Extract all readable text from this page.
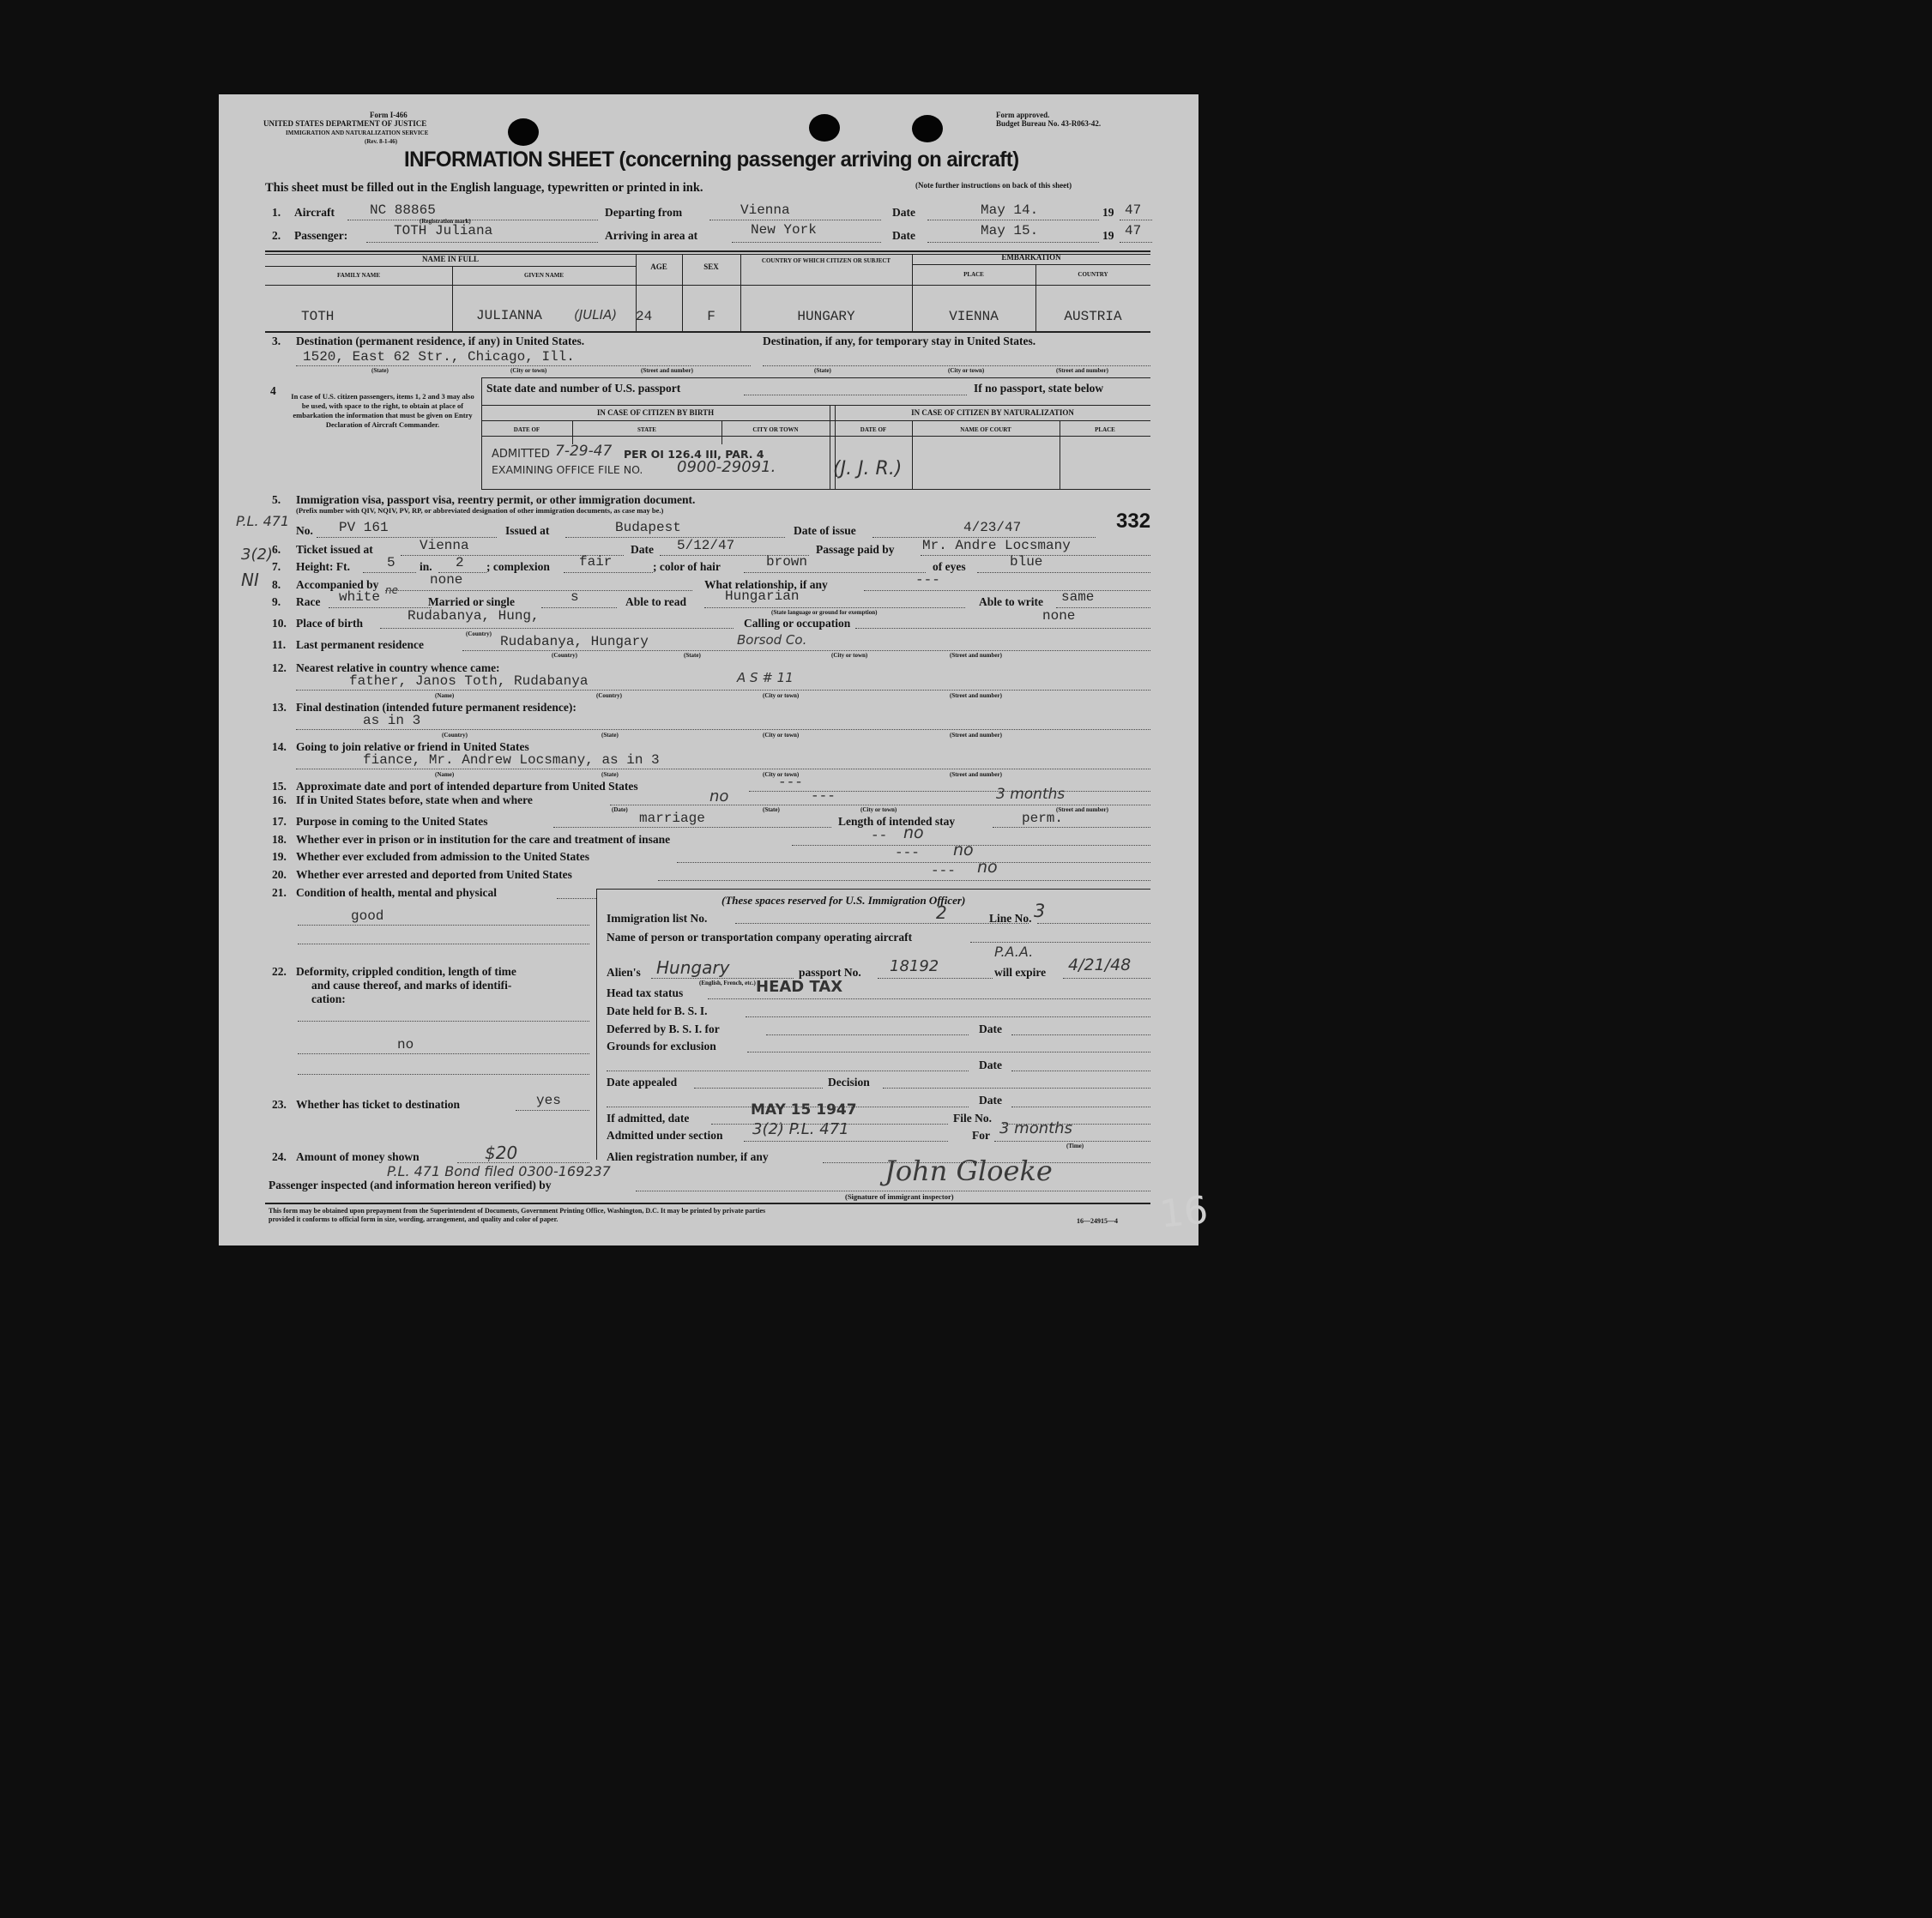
Form I-466
UNITED STATES DEPARTMENT OF JUSTICE
IMMIGRATION AND NATURALIZATION SERVICE
(Rev. 8-1-46)
Form approved.
Budget Bureau No. 43-R063-42.
INFORMATION SHEET (concerning passenger arriving on aircraft)
This sheet must be filled out in the English language, typewritten or printed in ink.	(Note further instructions on back of this sheet)
1. Aircraft	NC 88865
(Registration mark)
Departing from	Vienna	Date	May 14.	19 47
2. Passenger:	TOTH Juliana	Arriving in area at	New York	Date	May 15.	19 47
NAME IN FULL
FAMILY NAME	GIVEN NAME
AGE	SEX
COUNTRY OF WHICH CITIZEN OR SUBJECT	EMBARKATION
PLACE	COUNTRY
TOTH	JULIANNA (JULIA) 24	F	HUNGARY	VIENNA	AUSTRIA
3. Destination (permanent residence, if any) in United States.	Destination, if any, for temporary stay in United States.
1520, East 62 Str., Chicago, Ill.
(State)	(City or town)	(Street and number)	(State)	(City or town)	(Street and number)
4 In case of U.S. citizen passengers, items 1, 2 and 3 may also be used, with space to the right, to obtain at place of embarkation the information that must be given on Entry Declaration of Aircraft Commander.
State date and number of U.S. passport	If no passport, state below
IN CASE OF CITIZEN BY BIRTH	IN CASE OF CITIZEN BY NATURALIZATION
DATE OF	STATE	CITY OR TOWN	DATE OF	NAME OF COURT	PLACE
ADMITTED 7-29-47 PER OI 126.4 III, PAR. 4
EXAMINING OFFICE FILE NO. 0900-29091.	(J. J. R.)
P.L. 471
3(2)
NI
332
5. Immigration visa, passport visa, reentry permit, or other immigration document.
(Prefix number with QIV, NQIV, PV, RP, or abbreviated designation of other immigration documents, as case may be.)
No. PV 161	Issued at	Budapest	Date of issue	4/23/47
6. Ticket issued at	Vienna	Date 5/12/47	Passage paid by Mr. Andre Locsmany
7. Height: Ft.	5 in. 2 ; complexion fair	; color of hair	brown	of eyes	blue
8. Accompanied by	none	What relationship, if any	---
9. Race white ne
Married or single	s	Able to read	Hungarian
(State language or ground for exemption)
Able to write same
10. Place of birth	Rudabanya, Hung,
(Country)
Calling or occupation	none
11. Last permanent residence	Rudabanya, Hungary	Borsod Co.
(Country)	(State)	(City or town)	(Street and number)
12. Nearest relative in country whence came:
father, Janos Toth, Rudabanya	A S # 11
(Name)	(Country)	(City or town)	(Street and number)
13. Final destination (intended future permanent residence):
as in 3
(Country)	(State)	(City or town)	(Street and number)
14. Going to join relative or friend in United States
fiance, Mr. Andrew Locsmany, as in 3
(Name)	(State)	(City or town)	(Street and number)
15. Approximate date and port of intended departure from United States	---
16. If in United States before, state when and where	no	---	3 months
(Date)	(State)	(City or town)	(Street and number)
17. Purpose in coming to the United States	marriage	Length of intended stay	perm.
18. Whether ever in prison or in institution for the care and treatment of insane	-- no
19. Whether ever excluded from admission to the United States	--- no
20. Whether ever arrested and deported from United States	--- no
21. Condition of health, mental and physical
good
22. Deformity, crippled condition, length of time
and cause thereof, and marks of identifi-
cation:
no
23. Whether has ticket to destination	yes
24. Amount of money shown	$20
(These spaces reserved for U.S. Immigration Officer)
Immigration list No.	2	Line No. 3
Name of person or transportation company operating aircraft
P.A.A.
Alien's Hungary
(English, French, etc.)
passport No. 18192	will expire 4/21/48
Head tax status	HEAD TAX
Date held for B. S. I.
Deferred by B. S. I. for	Date
Grounds for exclusion
Date
Date appealed	Decision
Date
If admitted, date	MAY 15 1947	File No.
Admitted under section 3(2) P.L. 471	For 3 months
(Time)
Alien registration number, if any
Passenger inspected (and information hereon verified) by
P.L. 471 Bond filed 0300-169237	John Gloeke
(Signature of immigrant inspector)
This form may be obtained upon prepayment from the Superintendent of Documents, Government Printing Office, Washington, D.C. It may be printed by private parties
provided it conforms to official form in size, wording, arrangement, and quality and color of paper.	16—24915—4 16
